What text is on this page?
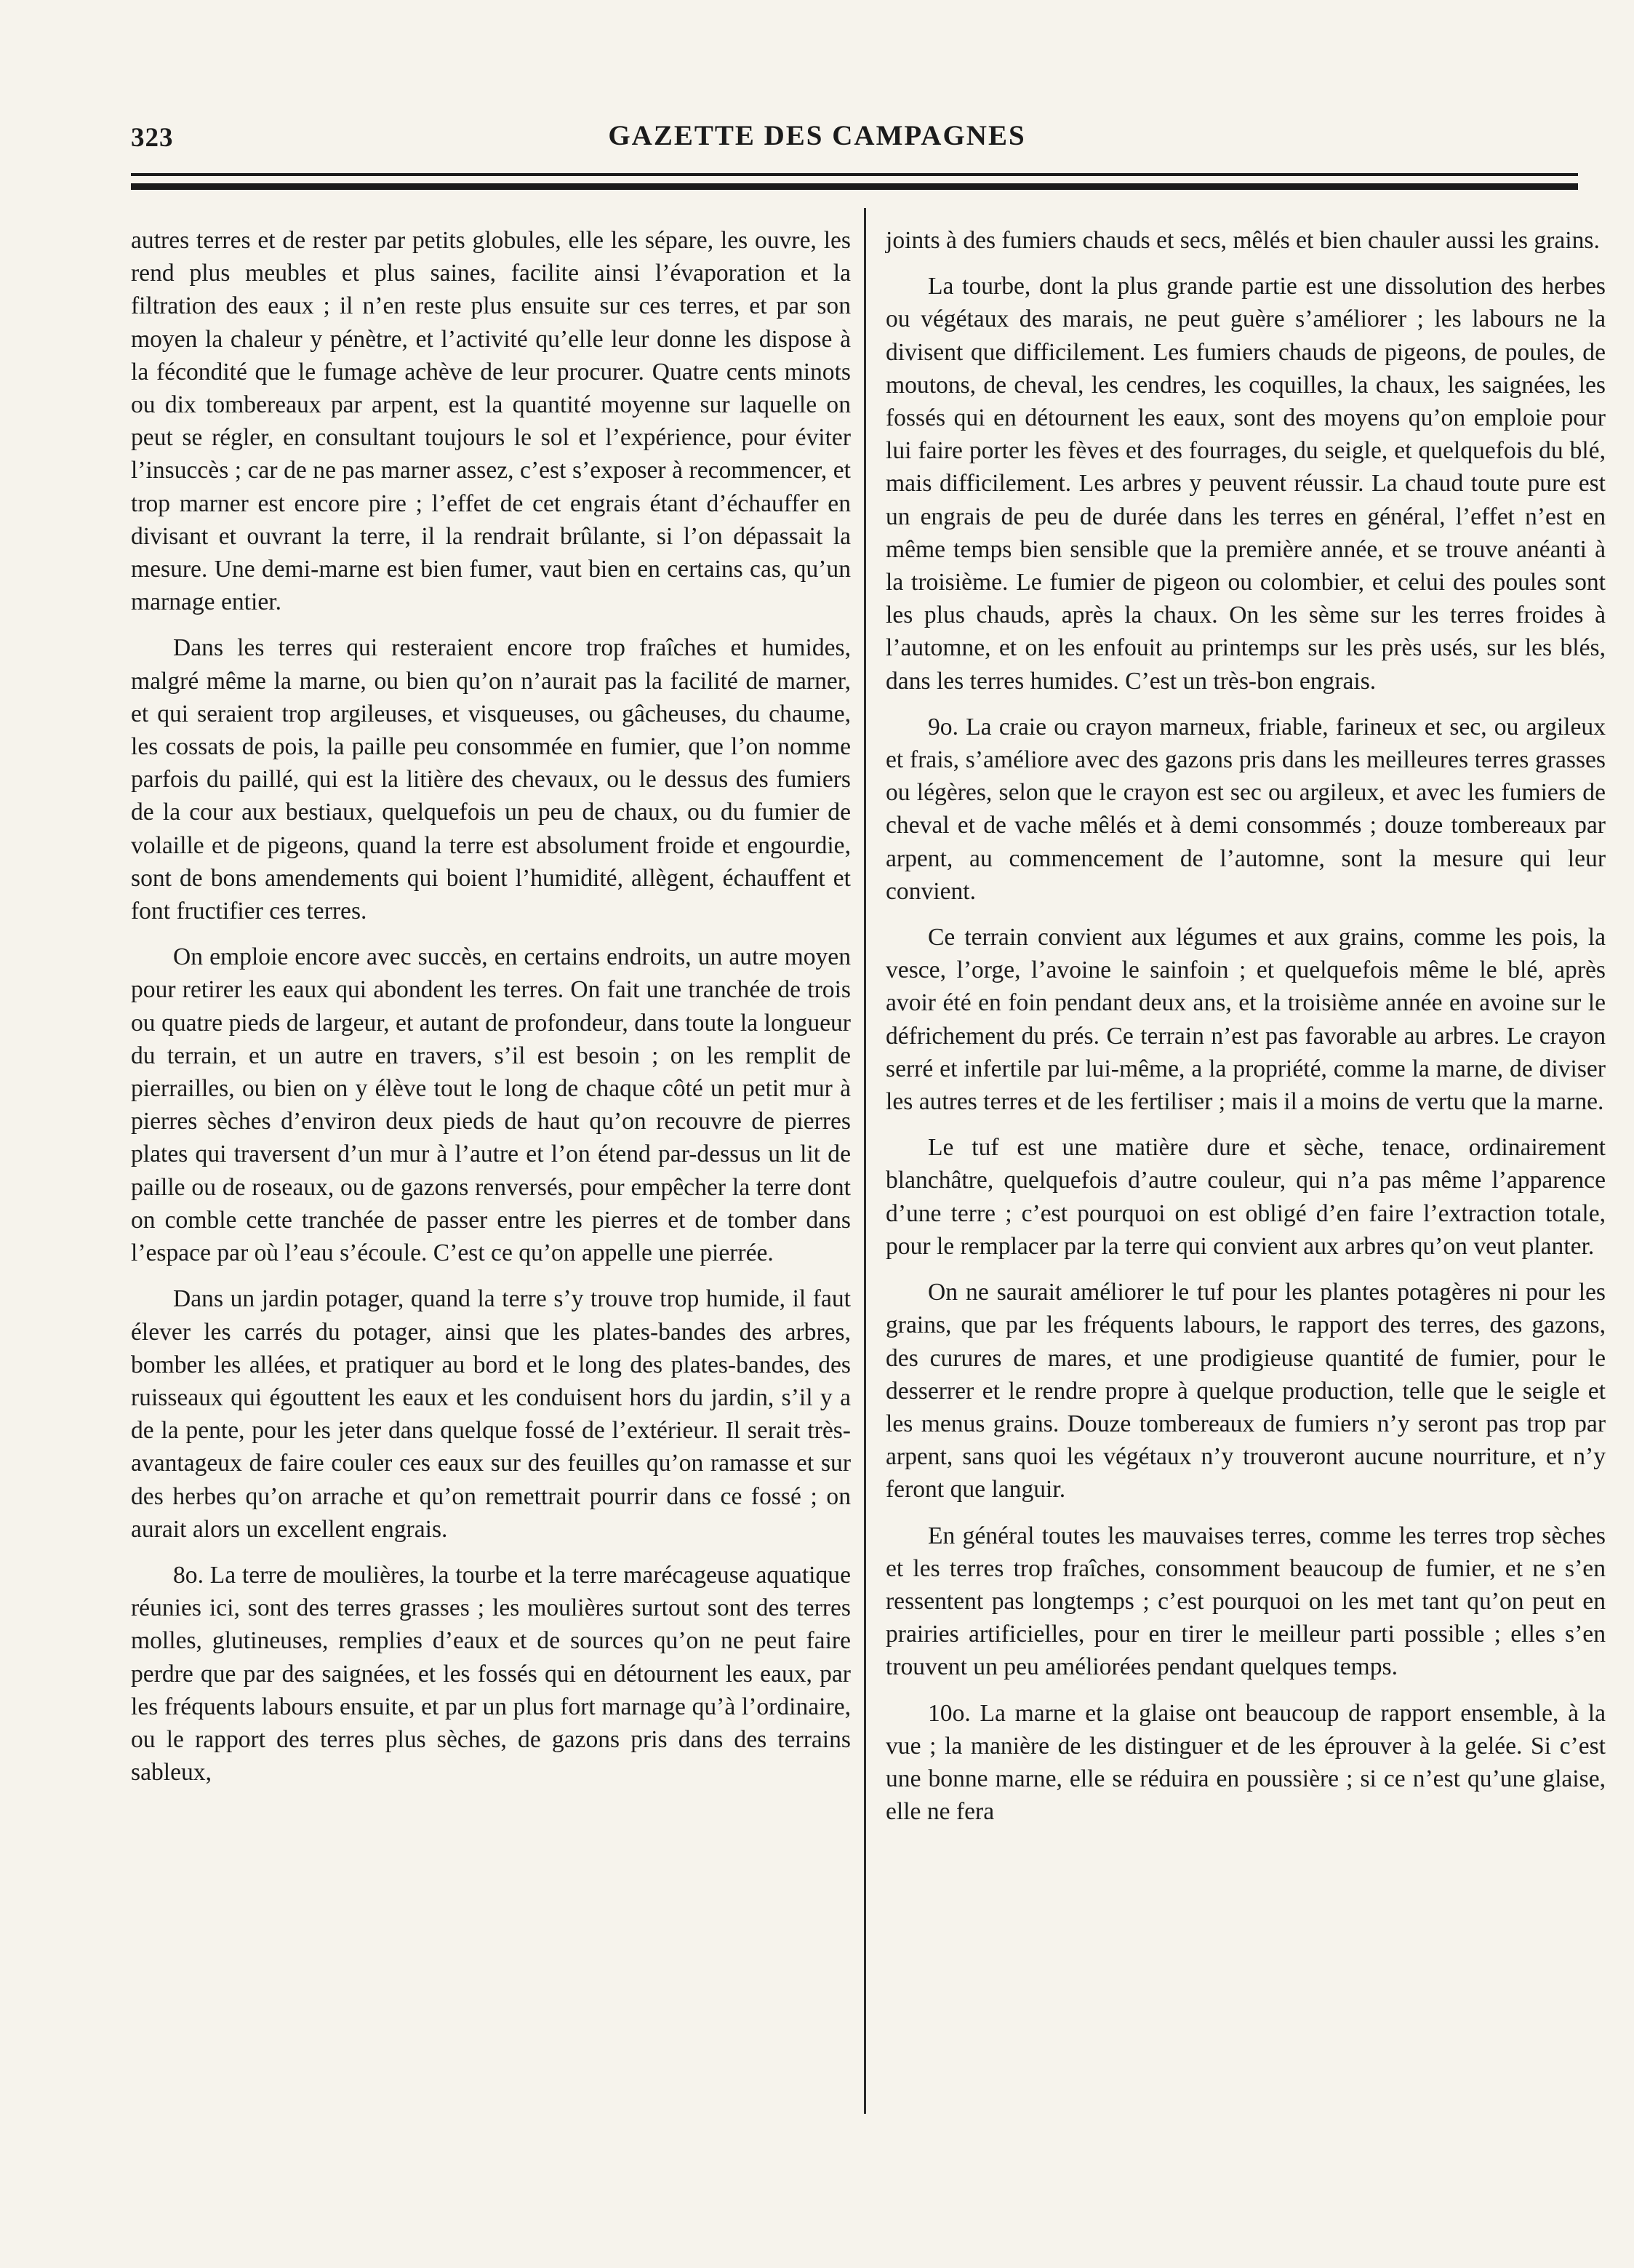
323	GAZETTE DES CAMPAGNES

autres terres et de rester par petits globules, elle les sépare, les ouvre, les rend plus meubles et plus saines, facilite ainsi l’évaporation et la filtration des eaux ; il n’en reste plus ensuite sur ces terres, et par son moyen la chaleur y pénètre, et l’activité qu’elle leur donne les dispose à la fécondité que le fumage achève de leur procurer. Quatre cents minots ou dix tombereaux par arpent, est la quantité moyenne sur laquelle on peut se régler, en consultant toujours le sol et l’expérience, pour éviter l’insuccès ; car de ne pas marner assez, c’est s’exposer à recommencer, et trop marner est encore pire ; l’effet de cet engrais étant d’échauffer en divisant et ouvrant la terre, il la rendrait brûlante, si l’on dépassait la mesure. Une demi-marne est bien fumer, vaut bien en certains cas, qu’un marnage entier.

Dans les terres qui resteraient encore trop fraîches et humides, malgré même la marne, ou bien qu’on n’aurait pas la facilité de marner, et qui seraient trop argileuses, et visqueuses, ou gâcheuses, du chaume, les cossats de pois, la paille peu consommée en fumier, que l’on nomme parfois du paillé, qui est la litière des chevaux, ou le dessus des fumiers de la cour aux bestiaux, quelquefois un peu de chaux, ou du fumier de volaille et de pigeons, quand la terre est absolument froide et engourdie, sont de bons amendements qui boient l’humidité, allègent, échauffent et font fructifier ces terres.

On emploie encore avec succès, en certains endroits, un autre moyen pour retirer les eaux qui abondent les terres. On fait une tranchée de trois ou quatre pieds de largeur, et autant de profondeur, dans toute la longueur du terrain, et un autre en travers, s’il est besoin ; on les remplit de pierrailles, ou bien on y élève tout le long de chaque côté un petit mur à pierres sèches d’environ deux pieds de haut qu’on recouvre de pierres plates qui traversent d’un mur à l’autre et l’on étend par-dessus un lit de paille ou de roseaux, ou de gazons renversés, pour empêcher la terre dont on comble cette tranchée de passer entre les pierres et de tomber dans l’espace par où l’eau s’écoule. C’est ce qu’on appelle une pierrée.

Dans un jardin potager, quand la terre s’y trouve trop humide, il faut élever les carrés du potager, ainsi que les plates-bandes des arbres, bomber les allées, et pratiquer au bord et le long des plates-bandes, des ruisseaux qui égouttent les eaux et les conduisent hors du jardin, s’il y a de la pente, pour les jeter dans quelque fossé de l’extérieur. Il serait très-avantageux de faire couler ces eaux sur des feuilles qu’on ramasse et sur des herbes qu’on arrache et qu’on remettrait pourrir dans ce fossé ; on aurait alors un excellent engrais.

8o. La terre de moulières, la tourbe et la terre marécageuse aquatique réunies ici, sont des terres grasses ; les moulières surtout sont des terres molles, glutineuses, remplies d’eaux et de sources qu’on ne peut faire perdre que par des saignées, et les fossés qui en détournent les eaux, par les fréquents labours ensuite, et par un plus fort marnage qu’à l’ordinaire, ou le rapport des terres plus sèches, de gazons pris dans des terrains sableux,

joints à des fumiers chauds et secs, mêlés et bien chauler aussi les grains.

La tourbe, dont la plus grande partie est une dissolution des herbes ou végétaux des marais, ne peut guère s’améliorer ; les labours ne la divisent que difficilement. Les fumiers chauds de pigeons, de poules, de moutons, de cheval, les cendres, les coquilles, la chaux, les saignées, les fossés qui en détournent les eaux, sont des moyens qu’on emploie pour lui faire porter les fèves et des fourrages, du seigle, et quelquefois du blé, mais difficilement. Les arbres y peuvent réussir. La chaud toute pure est un engrais de peu de durée dans les terres en général, l’effet n’est en même temps bien sensible que la première année, et se trouve anéanti à la troisième. Le fumier de pigeon ou colombier, et celui des poules sont les plus chauds, après la chaux. On les sème sur les terres froides à l’automne, et on les enfouit au printemps sur les près usés, sur les blés, dans les terres humides. C’est un très-bon engrais.

9o. La craie ou crayon marneux, friable, farineux et sec, ou argileux et frais, s’améliore avec des gazons pris dans les meilleures terres grasses ou légères, selon que le crayon est sec ou argileux, et avec les fumiers de cheval et de vache mêlés et à demi consommés ; douze tombereaux par arpent, au commencement de l’automne, sont la mesure qui leur convient.

Ce terrain convient aux légumes et aux grains, comme les pois, la vesce, l’orge, l’avoine le sainfoin ; et quelquefois même le blé, après avoir été en foin pendant deux ans, et la troisième année en avoine sur le défrichement du prés. Ce terrain n’est pas favorable au arbres. Le crayon serré et infertile par lui-même, a la propriété, comme la marne, de diviser les autres terres et de les fertiliser ; mais il a moins de vertu que la marne.

Le tuf est une matière dure et sèche, tenace, ordinairement blanchâtre, quelquefois d’autre couleur, qui n’a pas même l’apparence d’une terre ; c’est pourquoi on est obligé d’en faire l’extraction totale, pour le remplacer par la terre qui convient aux arbres qu’on veut planter.

On ne saurait améliorer le tuf pour les plantes potagères ni pour les grains, que par les fréquents labours, le rapport des terres, des gazons, des curures de mares, et une prodigieuse quantité de fumier, pour le desserrer et le rendre propre à quelque production, telle que le seigle et les menus grains. Douze tombereaux de fumiers n’y seront pas trop par arpent, sans quoi les végétaux n’y trouveront aucune nourriture, et n’y feront que languir.

En général toutes les mauvaises terres, comme les terres trop sèches et les terres trop fraîches, consomment beaucoup de fumier, et ne s’en ressentent pas longtemps ; c’est pourquoi on les met tant qu’on peut en prairies artificielles, pour en tirer le meilleur parti possible ; elles s’en trouvent un peu améliorées pendant quelques temps.

10o. La marne et la glaise ont beaucoup de rapport ensemble, à la vue ; la manière de les distinguer et de les éprouver à la gelée. Si c’est une bonne marne, elle se réduira en poussière ; si ce n’est qu’une glaise, elle ne fera
